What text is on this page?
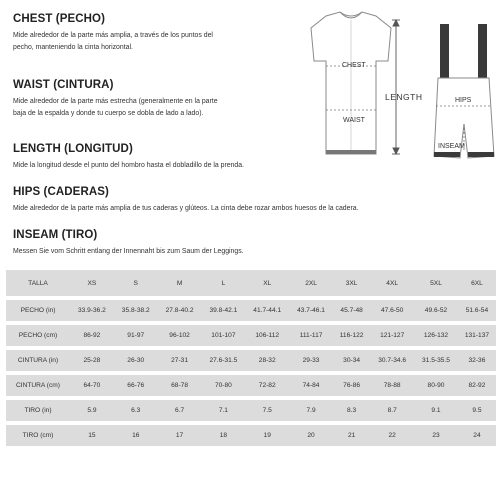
CHEST (PECHO)
Mide alrededor de la parte más amplia, a través de los puntos del
pecho, manteniendo la cinta horizontal.
WAIST (CINTURA)
Mide alrededor de la parte más estrecha (generalmente en la parte
baja de la espalda y donde tu cuerpo se dobla de lado a lado).
LENGTH (LONGITUD)
Mide la longitud desde el punto del hombro hasta el dobladillo de la prenda.
HIPS (CADERAS)
Mide alrededor de la parte más amplia de tus caderas y glúteos. La cinta debe rozar ambos huesos de la cadera.
INSEAM (TIRO)
Messen Sie vom Schritt entlang der Innennaht bis zum Saum der Leggings.
CHEST
WAIST
LENGTH	HIPS
INSEAM
TALLA	XS	S	M	L	XL	2XL	3XL	4XL	5XL	6XL
PECHO (in)	33.9-36.2	35.8-38.2	27.8-40.2	39.8-42.1	41.7-44.1	43.7-46.1	45.7-48	47.6-50	49.6-52	51.6-54
PECHO (cm)	86-92	91-97	96-102	101-107	106-112	111-117	116-122	121-127	126-132	131-137
CINTURA (in)	25-28	26-30	27-31	27.6-31.5	28-32	29-33	30-34	30.7-34.6	31.5-35.5	32-36
CINTURA (cm)	64-70	66-76	68-78	70-80	72-82	74-84	76-86	78-88	80-90	82-92
TIRO (in)	5.9	6.3	6.7	7.1	7.5	7.9	8.3	8.7	9.1	9.5
TIRO (cm)	15	16	17	18	19	20	21	22	23	24
